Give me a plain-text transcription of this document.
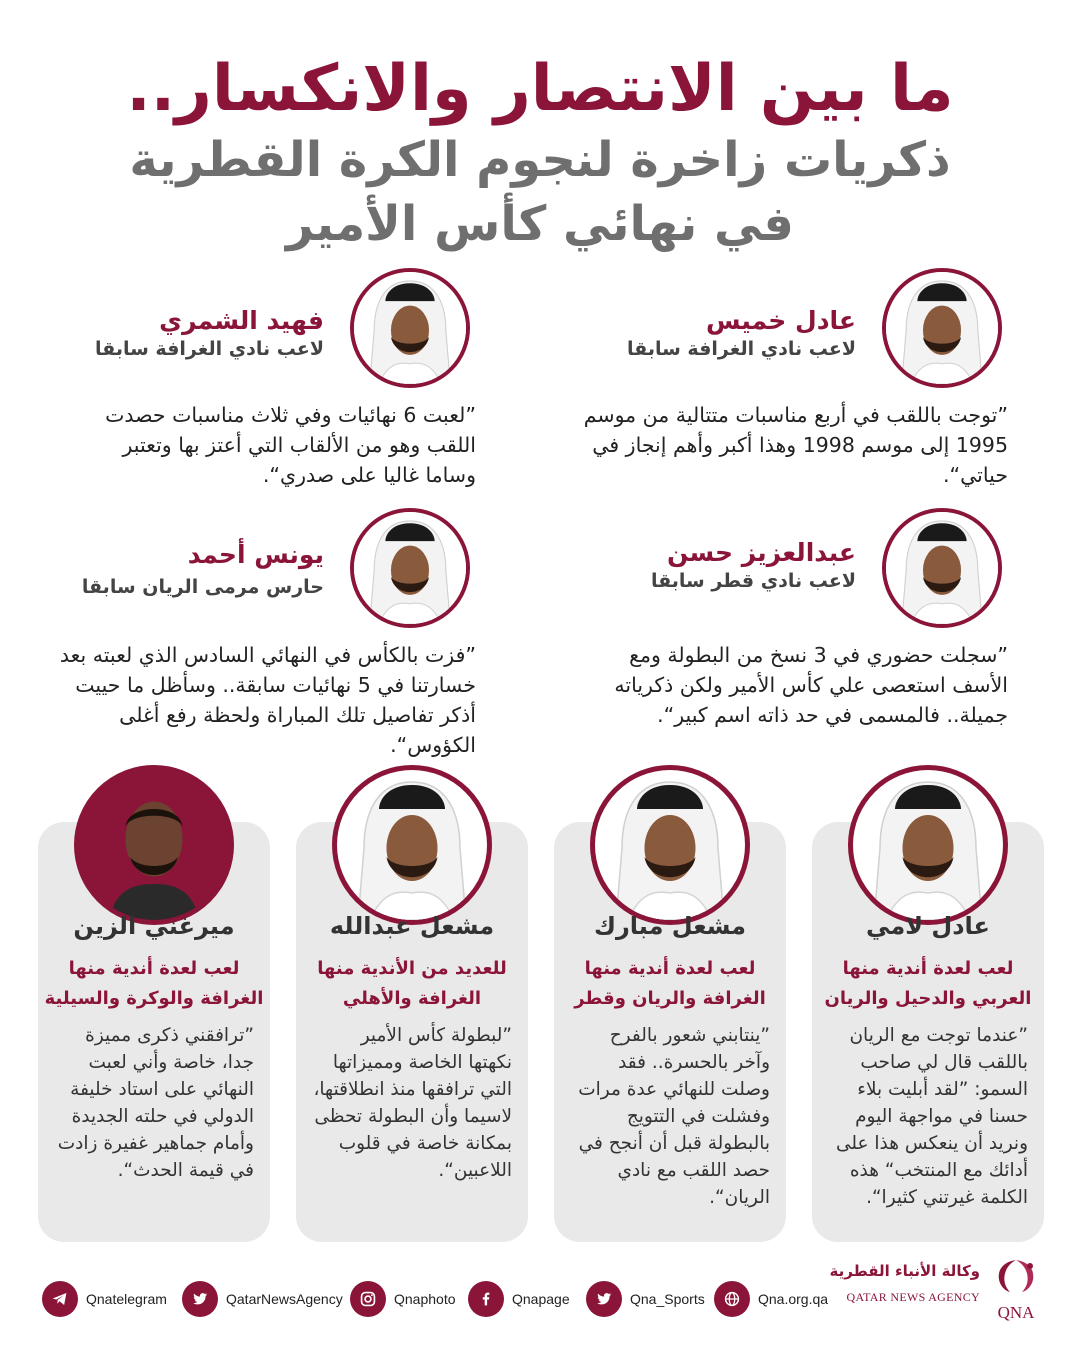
ما بين الانتصار والانكسار..
ذكريات زاخرة لنجوم الكرة القطرية
في نهائي كأس الأمير
عادل خميس
لاعب نادي الغرافة سابقا
”توجت باللقب في أربع مناسبات متتالية من موسم 1995 إلى موسم 1998 وهذا أكبر وأهم إنجاز في حياتي“.
فهيد الشمري
لاعب نادي الغرافة سابقا
”لعبت 6 نهائيات وفي ثلاث مناسبات حصدت اللقب وهو من الألقاب التي أعتز بها وتعتبر وساما غاليا على صدري“.
عبدالعزيز حسن
لاعب نادي قطر سابقا
”سجلت حضوري في 3 نسخ من البطولة ومع الأسف استعصى علي كأس الأمير ولكن ذكرياته جميلة.. فالمسمى في حد ذاته اسم كبير“.
يونس أحمد
حارس مرمى الريان سابقا
”فزت بالكأس في النهائي السادس الذي لعبته بعد خسارتنا في 5 نهائيات سابقة.. وسأظل ما حييت أذكر تفاصيل تلك المباراة ولحظة رفع أغلى الكؤوس“.
عادل لامي
مشعل مبارك
مشعل عبدالله
ميرغني الزين
لعب لعدة أندية منها العربي والدحيل والريان
لعب لعدة أندية منها الغرافة والريان وقطر
للعديد من الأندية منها الغرافة والأهلي
لعب لعدة أندية منها الغرافة والوكرة والسيلية
”عندما توجت مع الريان باللقب قال لي صاحب السمو: ”لقد أبليت بلاء حسنا في مواجهة اليوم ونريد أن ينعكس هذا على أدائك مع المنتخب“ هذه الكلمة غيرتني كثيرا“.
”ينتابني شعور بالفرح وآخر بالحسرة.. فقد وصلت للنهائي عدة مرات وفشلت في التتويج بالبطولة قبل أن أنجح في حصد اللقب مع نادي الريان“.
”لبطولة كأس الأمير نكهتها الخاصة ومميزاتها التي ترافقها منذ انطلاقتها، لاسيما وأن البطولة تحظى بمكانة خاصة في قلوب اللاعبين“.
”ترافقني ذكرى مميزة جدا، خاصة وأني لعبت النهائي على استاد خليفة الدولي في حلته الجديدة وأمام جماهير غفيرة زادت في قيمة الحدث“.
Qnatelegram	QatarNewsAgency	Qnaphoto	Qnapage	Qna_Sports	Qna.org.qa
وكالة الأنباء القطرية
QATAR NEWS AGENCY
QNA
